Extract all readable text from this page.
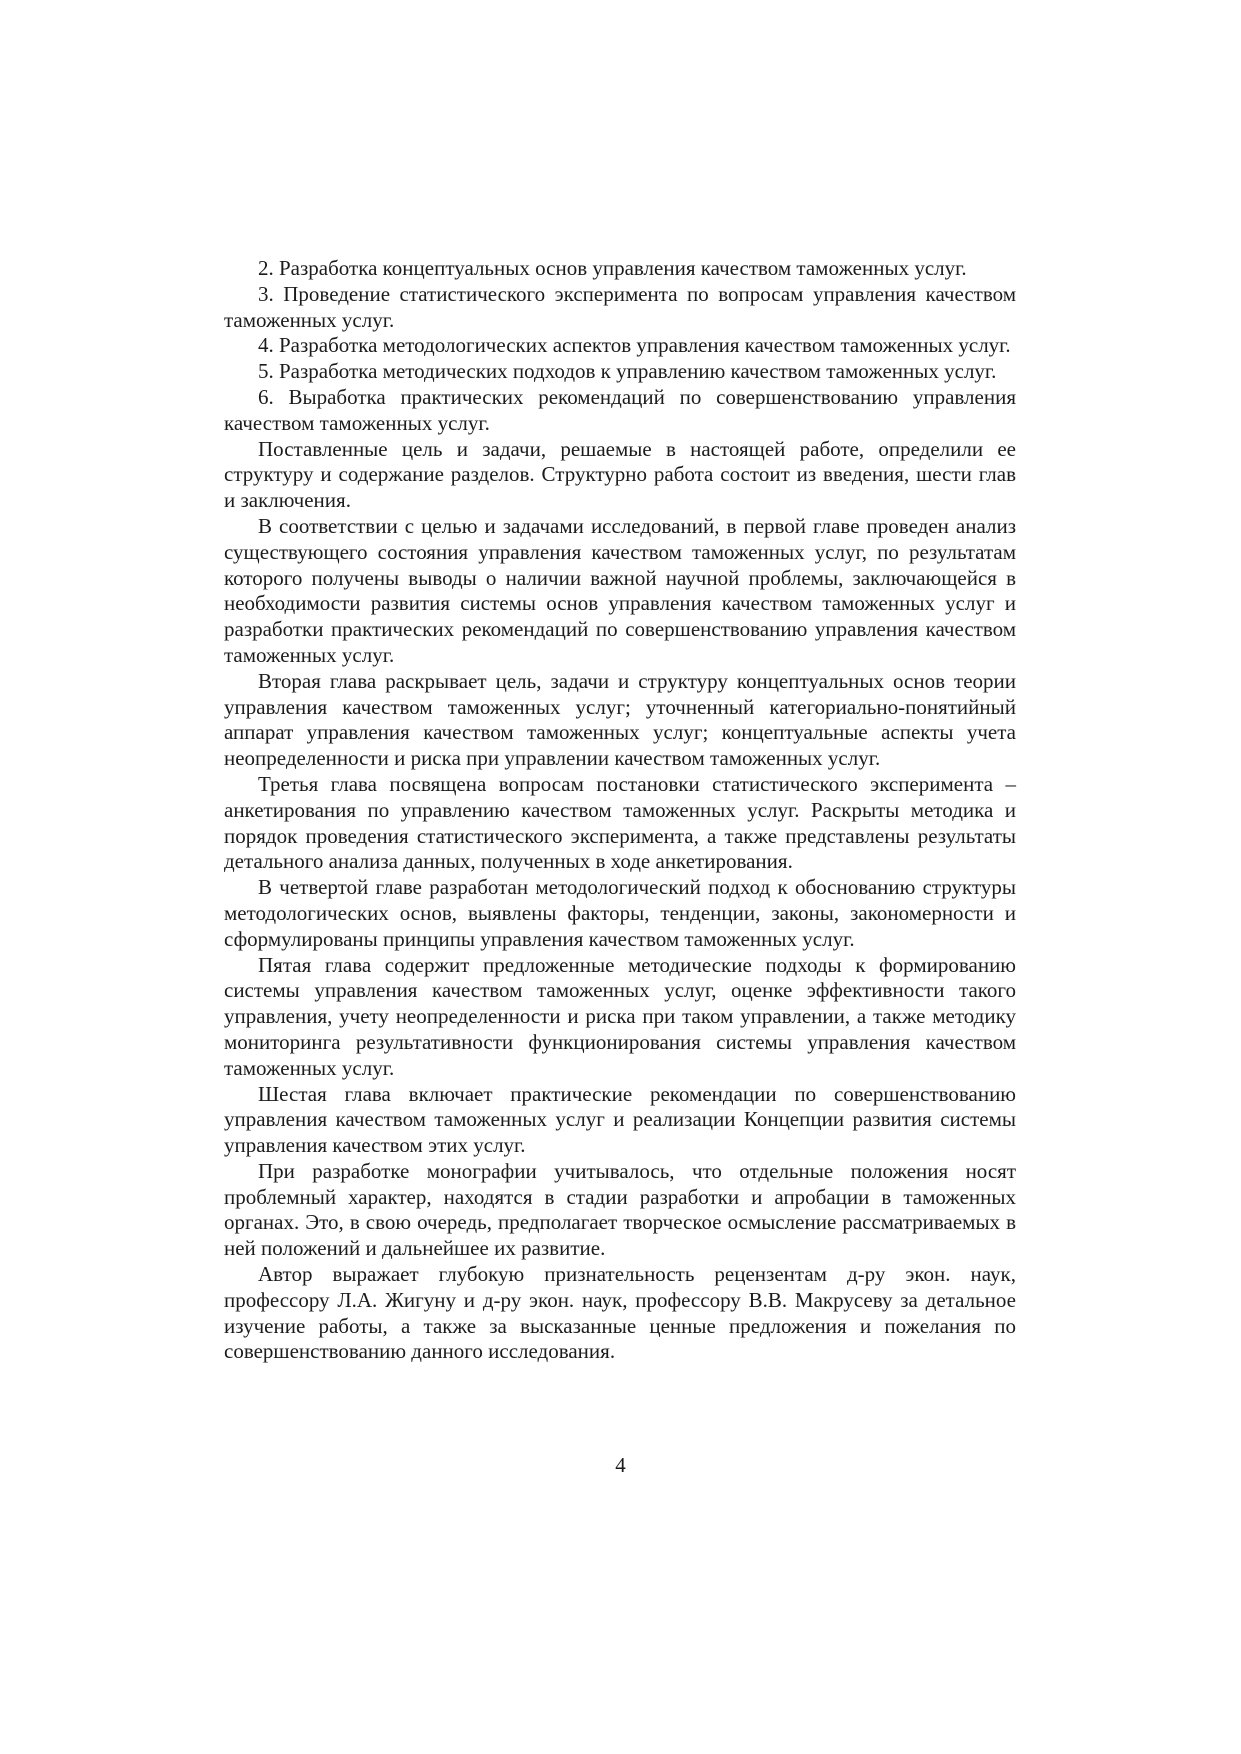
2. Разработка концептуальных основ управления качеством таможенных услуг.

3. Проведение статистического эксперимента по вопросам управления качеством таможенных услуг.

4. Разработка методологических аспектов управления качеством таможенных услуг.

5. Разработка методических подходов к управлению качеством таможенных услуг.

6. Выработка практических рекомендаций по совершенствованию управления качеством таможенных услуг.

Поставленные цель и задачи, решаемые в настоящей работе, определили ее структуру и содержание разделов. Структурно работа состоит из введения, шести глав и заключения.

В соответствии с целью и задачами исследований, в первой главе проведен анализ существующего состояния управления качеством таможенных услуг, по результатам которого получены выводы о наличии важной научной проблемы, заключающейся в необходимости развития системы основ управления качеством таможенных услуг и разработки практических рекомендаций по совершенствованию управления качеством таможенных услуг.

Вторая глава раскрывает цель, задачи и структуру концептуальных основ теории управления качеством таможенных услуг; уточненный категориально-понятийный аппарат управления качеством таможенных услуг; концептуальные аспекты учета неопределенности и риска при управлении качеством таможенных услуг.

Третья глава посвящена вопросам постановки статистического эксперимента – анкетирования по управлению качеством таможенных услуг. Раскрыты методика и порядок проведения статистического эксперимента, а также представлены результаты детального анализа данных, полученных в ходе анкетирования.

В четвертой главе разработан методологический подход к обоснованию структуры методологических основ, выявлены факторы, тенденции, законы, закономерности и сформулированы принципы управления качеством таможенных услуг.

Пятая глава содержит предложенные методические подходы к формированию системы управления качеством таможенных услуг, оценке эффективности такого управления, учету неопределенности и риска при таком управлении, а также методику мониторинга результативности функционирования системы управления качеством таможенных услуг.

Шестая глава включает практические рекомендации по совершенствованию управления качеством таможенных услуг и реализации Концепции развития системы управления качеством этих услуг.

При разработке монографии учитывалось, что отдельные положения носят проблемный характер, находятся в стадии разработки и апробации в таможенных органах. Это, в свою очередь, предполагает творческое осмысление рассматриваемых в ней положений и дальнейшее их развитие.

Автор выражает глубокую признательность рецензентам д-ру экон. наук, профессору Л.А. Жигуну и д-ру экон. наук, профессору В.В. Макрусеву за детальное изучение работы, а также за высказанные ценные предложения и пожелания по совершенствованию данного исследования.

4
